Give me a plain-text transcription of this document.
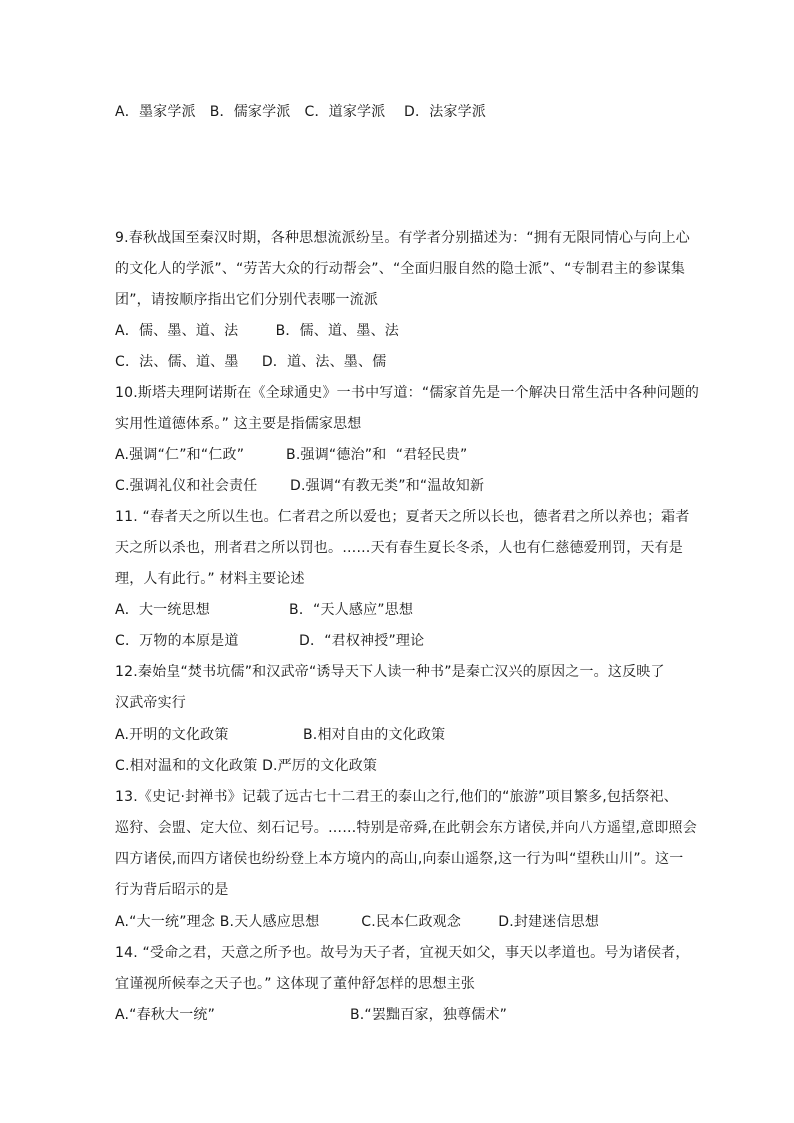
A．墨家学派   B．儒家学派   C．道家学派    D．法家学派
9.春秋战国至秦汉时期，各种思想流派纷呈。有学者分别描述为：“拥有无限同情心与向上心
的文化人的学派”、“劳苦大众的行动帮会”、“全面归服自然的隐士派”、“专制君主的参谋集
团”，请按顺序指出它们分别代表哪一流派
A．儒、墨、道、法        B．儒、道、墨、法
C．法、儒、道、墨     D．道、法、墨、儒
10.斯塔夫理阿诺斯在《全球通史》一书中写道：“儒家首先是一个解决日常生活中各种问题的
实用性道德体系。” 这主要是指儒家思想
A.强调“仁”和“仁政”         B.强调“德治”和  “君轻民贵”
C.强调礼仪和社会责任       D.强调“有教无类”和“温故知新
11. “春者天之所以生也。仁者君之所以爱也；夏者天之所以长也，德者君之所以养也；霜者
天之所以杀也，刑者君之所以罚也。……天有春生夏长冬杀，人也有仁慈德爱刑罚，天有是
理，人有此行。” 材料主要论述
A．大一统思想                 B．“天人感应”思想
C．万物的本原是道             D．“君权神授”理论
12.秦始皇“焚书坑儒”和汉武帝“诱导天下人读一种书”是秦亡汉兴的原因之一。这反映了
汉武帝实行
A.开明的文化政策                B.相对自由的文化政策
C.相对温和的文化政策 D.严厉的文化政策
13.《史记·封禅书》记载了远古七十二君王的泰山之行,他们的“旅游”项目繁多,包括祭祀、
巡狩、会盟、定大位、刻石记号。……特别是帝舜,在此朝会东方诸侯,并向八方遥望,意即照会
四方诸侯,而四方诸侯也纷纷登上本方境内的高山,向泰山遥祭,这一行为叫“望秩山川”。这一
行为背后昭示的是
A.“大一统”理念 B.天人感应思想         C.民本仁政观念        D.封建迷信思想
14. “受命之君，天意之所予也。故号为天子者，宜视天如父，事天以孝道也。号为诸侯者，
宜谨视所候奉之天子也。” 这体现了董仲舒怎样的思想主张
A.“春秋大一统”                             B.“罢黜百家，独尊儒术”
